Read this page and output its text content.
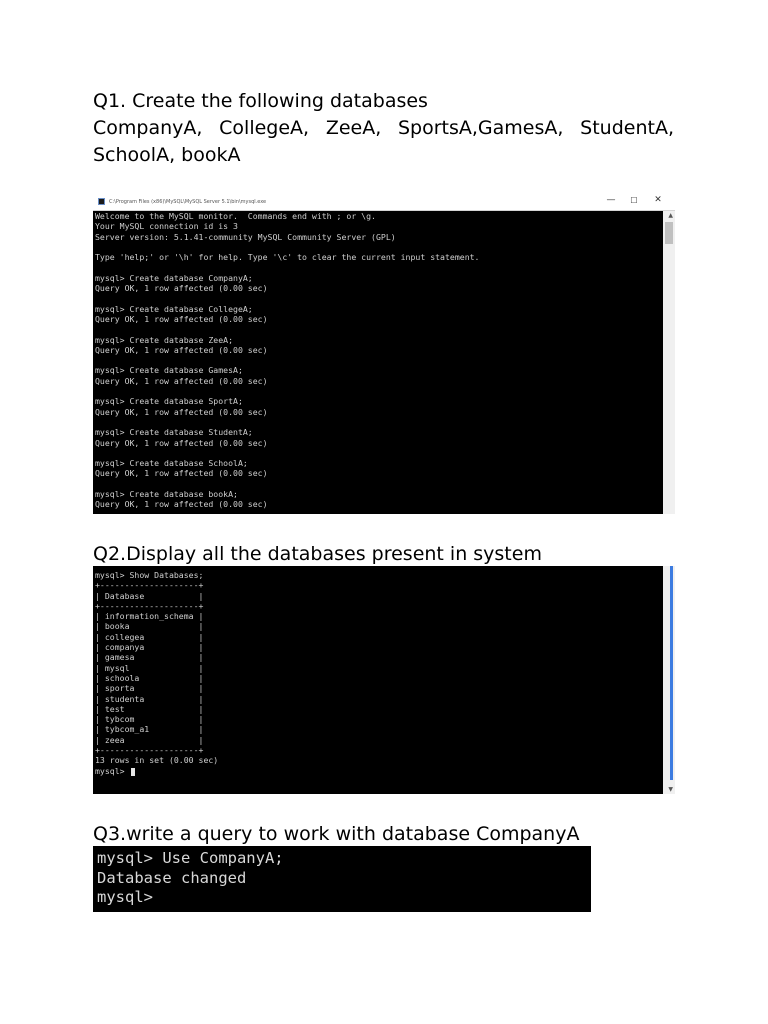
Q1. Create the following databases
CompanyA, CollegeA, ZeeA, SportsA,GamesA, StudentA, SchoolA, bookA
C:\Program Files (x86)\MySQL\MySQL Server 5.1\bin\mysql.exe	—	☐	✕
Welcome to the MySQL monitor.  Commands end with ; or \g.
Your MySQL connection id is 3
Server version: 5.1.41-community MySQL Community Server (GPL)

Type 'help;' or '\h' for help. Type '\c' to clear the current input statement.

mysql> Create database CompanyA;
Query OK, 1 row affected (0.00 sec)

mysql> Create database CollegeA;
Query OK, 1 row affected (0.00 sec)

mysql> Create database ZeeA;
Query OK, 1 row affected (0.00 sec)

mysql> Create database GamesA;
Query OK, 1 row affected (0.00 sec)

mysql> Create database SportA;
Query OK, 1 row affected (0.00 sec)

mysql> Create database StudentA;
Query OK, 1 row affected (0.00 sec)

mysql> Create database SchoolA;
Query OK, 1 row affected (0.00 sec)

mysql> Create database bookA;
Query OK, 1 row affected (0.00 sec)
▲
Q2.Display all the databases present in system
mysql> Show Databases;
+--------------------+
| Database           |
+--------------------+
| information_schema |
| booka              |
| collegea           |
| companya           |
| gamesa             |
| mysql              |
| schoola            |
| sporta             |
| studenta           |
| test               |
| tybcom             |
| tybcom_a1          |
| zeea               |
+--------------------+
13 rows in set (0.00 sec)
mysql>
▼
Q3.write a query to work with database CompanyA
mysql> Use CompanyA;
Database changed
mysql>
